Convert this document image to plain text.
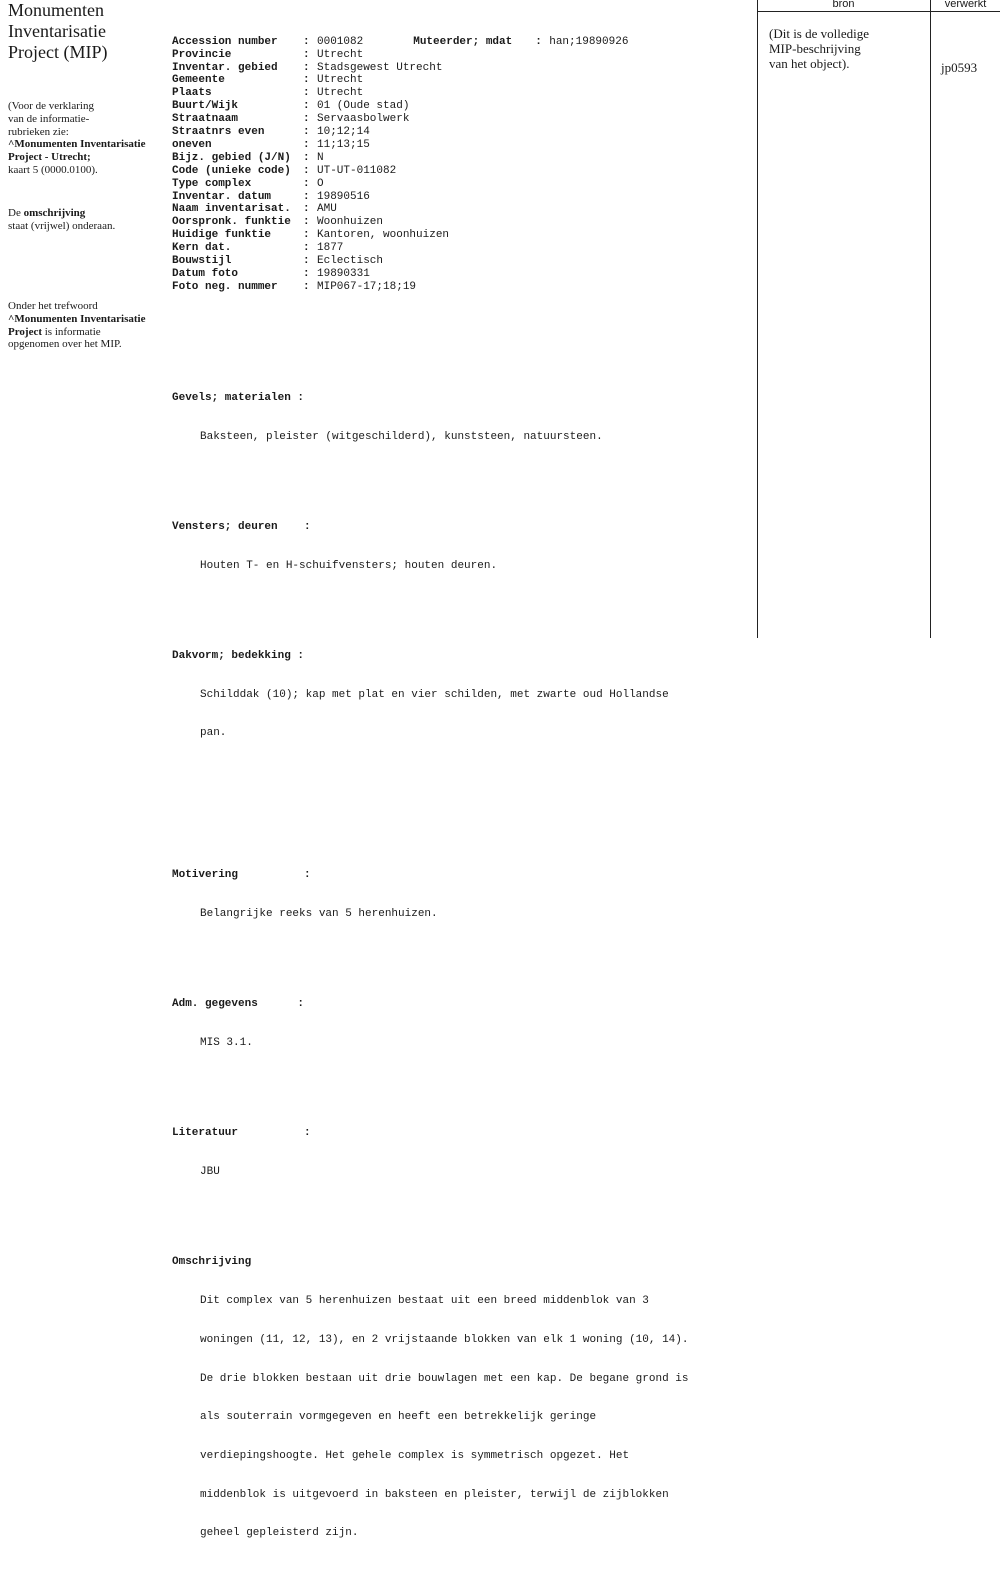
Monumenten
Inventarisatie
Project (MIP)
(Voor de verklaring
van de informatie-
rubrieken zie:
^Monumenten Inventarisatie
Project - Utrecht;
kaart 5 (0000.0100).
De omschrijving
staat (vrijwel) onderaan.
Onder het trefwoord
^Monumenten Inventarisatie
Project is informatie
opgenomen over het MIP.

Accession number	: 0001082	Muteerder; mdat	: han;19890926
Provincie	: Utrecht
Inventar. gebied	: Stadsgewest Utrecht
Gemeente	: Utrecht
Plaats	: Utrecht
Buurt/Wijk	: 01 (Oude stad)
Straatnaam	: Servaasbolwerk
Straatnrs even	: 10;12;14
oneven	: 11;13;15
Bijz. gebied (J/N)	: N
Code (unieke code)	: UT-UT-011082
Type complex	: O
Inventar. datum	: 19890516
Naam inventarisat.	: AMU
Oorspronk. funktie	: Woonhuizen
Huidige funktie	: Kantoren, woonhuizen
Kern dat.	: 1877
Bouwstijl	: Eclectisch
Datum foto	: 19890331
Foto neg. nummer	: MIP067-17;18;19

Gevels; materialen :

Baksteen, pleister (witgeschilderd), kunststeen, natuursteen.

Vensters; deuren    :

Houten T- en H-schuifvensters; houten deuren.

Dakvorm; bedekking :

Schilddak (10); kap met plat en vier schilden, met zwarte oud Hollandse

pan.

Motivering          :

Belangrijke reeks van 5 herenhuizen.

Adm. gegevens      :

MIS 3.1.

Literatuur          :

JBU

Omschrijving

Dit complex van 5 herenhuizen bestaat uit een breed middenblok van 3

woningen (11, 12, 13), en 2 vrijstaande blokken van elk 1 woning (10, 14).

De drie blokken bestaan uit drie bouwlagen met een kap. De begane grond is

als souterrain vormgegeven en heeft een betrekkelijk geringe

verdiepingshoogte. Het gehele complex is symmetrisch opgezet. Het

middenblok is uitgevoerd in baksteen en pleister, terwijl de zijblokken

geheel gepleisterd zijn.

bron	verwerkt
(Dit is de volledige
MIP-beschrijving
van het object).	jp0593
